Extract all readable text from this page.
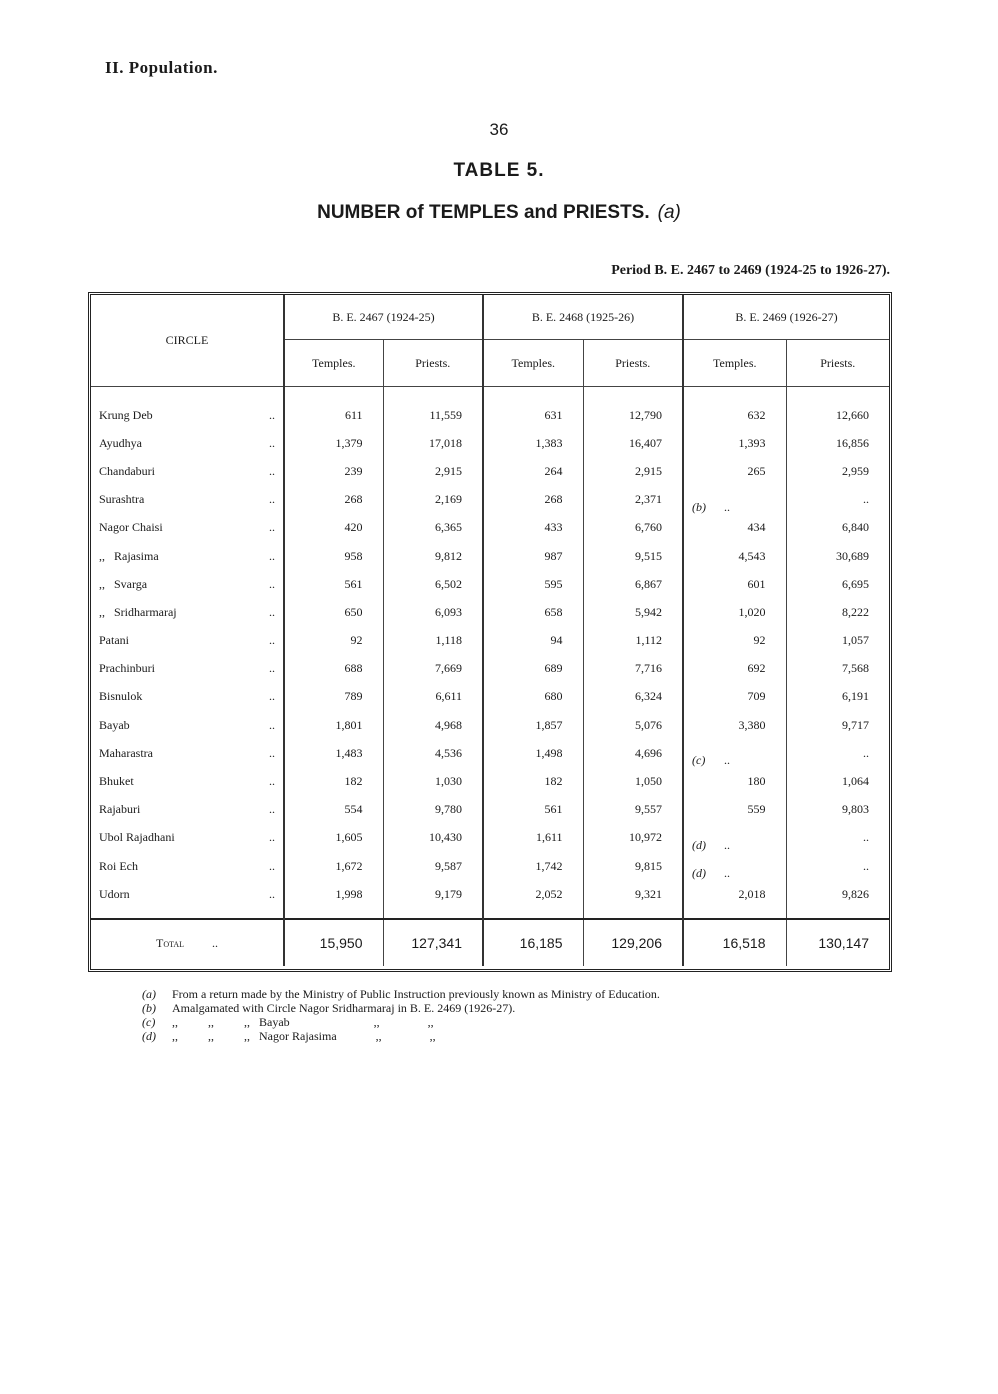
II. Population.
36
TABLE 5.
NUMBER of TEMPLES and PRIESTS. (a)
Period B. E. 2467 to 2469 (1924-25 to 1926-27).
CIRCLE	B. E. 2467 (1924-25)		B. E. 2468 (1925-26)		B. E. 2469 (1926-27)	
	Temples.	Priests.	Temples.	Priests.	Temples.	Priests.

Krung Deb ..	611	11,559	631	12,790	632	12,660
Ayudhya ..	1,379	17,018	1,383	16,407	1,393	16,856
Chandaburi ..	239	2,915	264	2,915	265	2,959
Surashtra ..	268	2,169	268	2,371	(b) ..	..
Nagor Chaisi ..	420	6,365	433	6,760	434	6,840
,,   Rajasima ..	958	9,812	987	9,515	4,543	30,689
,,   Svarga ..	561	6,502	595	6,867	601	6,695
,,   Sridharmaraj ..	650	6,093	658	5,942	1,020	8,222
Patani ..	92	1,118	94	1,112	92	1,057
Prachinburi ..	688	7,669	689	7,716	692	7,568
Bisnulok ..	789	6,611	680	6,324	709	6,191
Bayab ..	1,801	4,968	1,857	5,076	3,380	9,717
Maharastra ..	1,483	4,536	1,498	4,696	(c) ..	..
Bhuket ..	182	1,030	182	1,050	180	1,064
Rajaburi ..	554	9,780	561	9,557	559	9,803
Ubol Rajadhani ..	1,605	10,430	1,611	10,972	(d) ..	..
Roi Ech ..	1,672	9,587	1,742	9,815	(d) ..	..
Udorn ..	1,998	9,179	2,052	9,321	2,018	9,826

Total ..	15,950	127,341	16,185	129,206	16,518	130,147
(a)	From a return made by the Ministry of Public Instruction previously known as Ministry of Education.
(b)	Amalgamated with Circle Nagor Sridharmaraj in B. E. 2469 (1926-27).
(c)	,,          ,,          ,,   Bayab                            ,,                ,,
(d)	,,          ,,          ,,   Nagor Rajasima             ,,                ,,
